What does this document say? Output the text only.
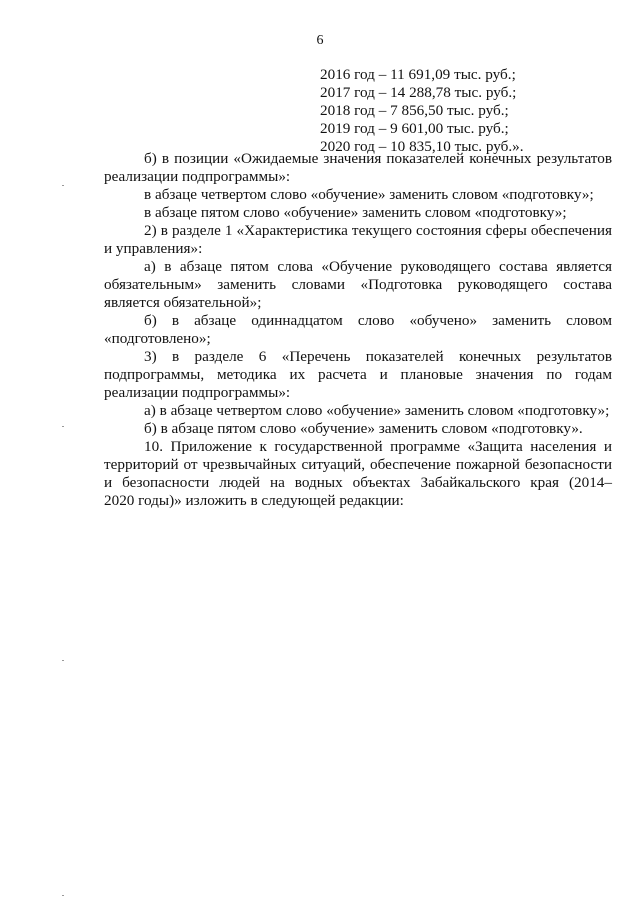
6
2016 год – 11 691,09 тыс. руб.;
2017 год – 14 288,78 тыс. руб.;
2018 год – 7 856,50 тыс. руб.;
2019 год – 9 601,00 тыс. руб.;
2020 год – 10 835,10 тыс. руб.».

б) в позиции «Ожидаемые значения показателей конечных результатов

реализации подпрограммы»:

в абзаце четвертом слово «обучение» заменить словом «подготовку»;

в абзаце пятом слово «обучение» заменить словом «подготовку»;

2) в разделе 1 «Характеристика текущего состояния сферы обеспечения

и управления»:

а) в абзаце пятом слова «Обучение руководящего состава является

обязательным» заменить словами «Подготовка руководящего состава

является обязательной»;

б) в абзаце одиннадцатом слово «обучено» заменить словом

«подготовлено»;

3) в разделе 6 «Перечень показателей конечных результатов

подпрограммы, методика их расчета и плановые значения по годам

реализации подпрограммы»:

а) в абзаце четвертом слово «обучение» заменить словом «подготовку»;

б) в абзаце пятом слово «обучение» заменить словом «подготовку».

10. Приложение к государственной программе «Защита населения и

территорий от чрезвычайных ситуаций, обеспечение пожарной безопасности

и безопасности людей на водных объектах Забайкальского края (2014–

2020 годы)» изложить в следующей редакции:
